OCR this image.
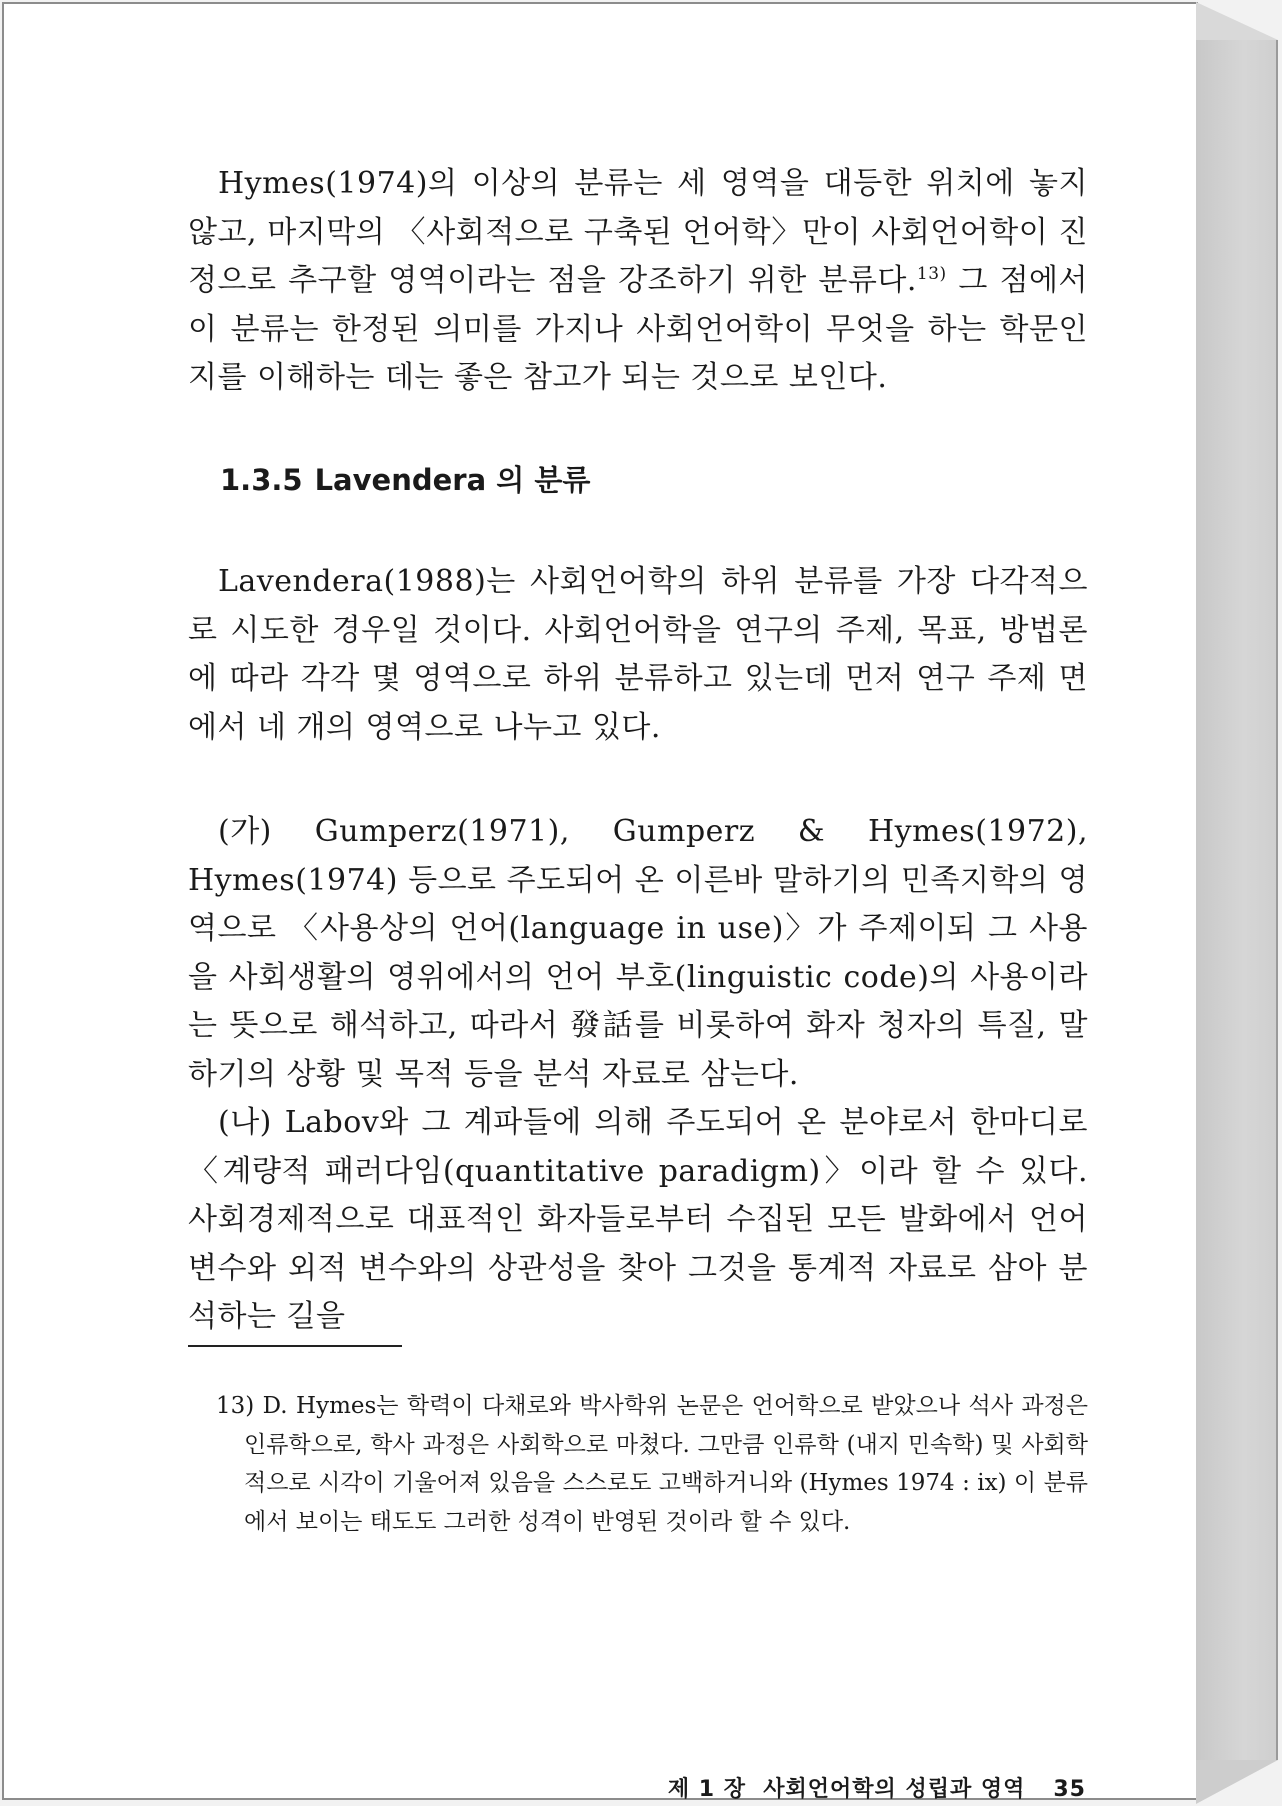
Hymes(1974)의 이상의 분류는 세 영역을 대등한 위치에 놓지 않고, 마지막의 〈사회적으로 구축된 언어학〉만이 사회언어학이 진정으로 추구할 영역이라는 점을 강조하기 위한 분류다.$^{13)}$ 그 점에서 이 분류는 한정된 의미를 가지나 사회언어학이 무엇을 하는 학문인지를 이해하는 데는 좋은 참고가 되는 것으로 보인다.

1.3.5 Lavendera 의 분류

Lavendera(1988)는 사회언어학의 하위 분류를 가장 다각적으로 시도한 경우일 것이다. 사회언어학을 연구의 주제, 목표, 방법론에 따라 각각 몇 영역으로 하위 분류하고 있는데 먼저 연구 주제 면에서 네 개의 영역으로 나누고 있다.

(가) Gumperz(1971), Gumperz & Hymes(1972), Hymes(1974) 등으로 주도되어 온 이른바 말하기의 민족지학의 영역으로 〈사용상의 언어(language in use)〉가 주제이되 그 사용을 사회생활의 영위에서의 언어 부호(linguistic code)의 사용이라는 뜻으로 해석하고, 따라서 發話를 비롯하여 화자 청자의 특질, 말하기의 상황 및 목적 등을 분석 자료로 삼는다.

(나) Labov와 그 계파들에 의해 주도되어 온 분야로서 한마디로 〈계량적 패러다임(quantitative paradigm)〉이라 할 수 있다. 사회경제적으로 대표적인 화자들로부터 수집된 모든 발화에서 언어 변수와 외적 변수와의 상관성을 찾아 그것을 통계적 자료로 삼아 분석하는 길을

13) D. Hymes는 학력이 다채로와 박사학위 논문은 언어학으로 받았으나 석사 과정은 인류학으로, 학사 과정은 사회학으로 마쳤다. 그만큼 인류학 (내지 민속학) 및 사회학적으로 시각이 기울어져 있음을 스스로도 고백하거니와 (Hymes 1974 : ix) 이 분류에서 보이는 태도도 그러한 성격이 반영된 것이라 할 수 있다.

제 1 장  사회언어학의 성립과 영역 35
